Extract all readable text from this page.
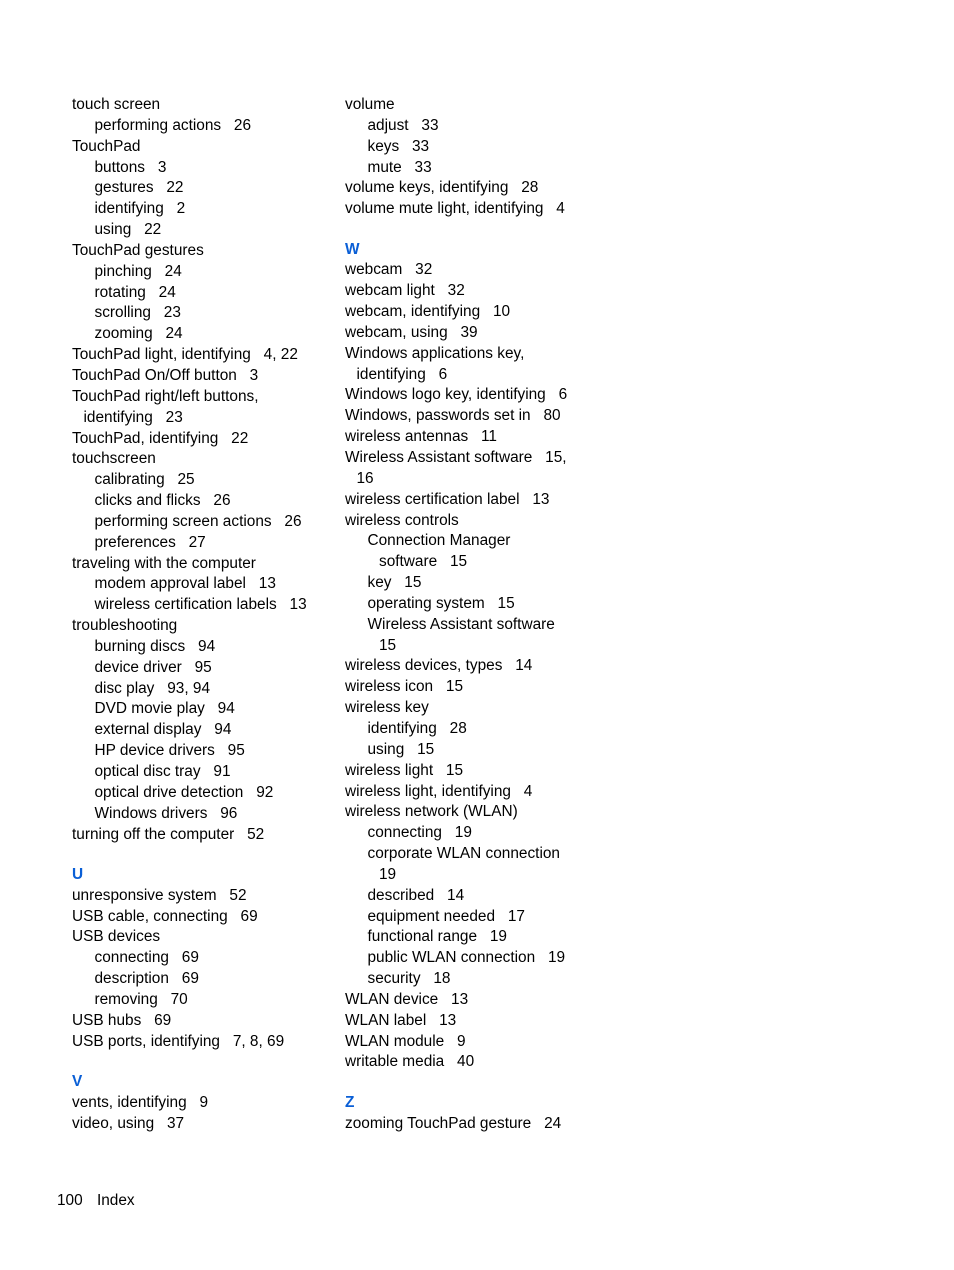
touch screen
performing actions   26
TouchPad
buttons   3
gestures   22
identifying   2
using   22
TouchPad gestures
pinching   24
rotating   24
scrolling   23
zooming   24
TouchPad light, identifying   4, 22
TouchPad On/Off button   3
TouchPad right/left buttons,
identifying   23
TouchPad, identifying   22
touchscreen
calibrating   25
clicks and flicks   26
performing screen actions   26
preferences   27
traveling with the computer
modem approval label   13
wireless certification labels   13
troubleshooting
burning discs   94
device driver   95
disc play   93, 94
DVD movie play   94
external display   94
HP device drivers   95
optical disc tray   91
optical drive detection   92
Windows drivers   96
turning off the computer   52
U
unresponsive system   52
USB cable, connecting   69
USB devices
connecting   69
description   69
removing   70
USB hubs   69
USB ports, identifying   7, 8, 69
V
vents, identifying   9
video, using   37
volume
adjust   33
keys   33
mute   33
volume keys, identifying   28
volume mute light, identifying   4
W
webcam   32
webcam light   32
webcam, identifying   10
webcam, using   39
Windows applications key,
identifying   6
Windows logo key, identifying   6
Windows, passwords set in   80
wireless antennas   11
Wireless Assistant software   15,
16
wireless certification label   13
wireless controls
Connection Manager
software   15
key   15
operating system   15
Wireless Assistant software
15
wireless devices, types   14
wireless icon   15
wireless key
identifying   28
using   15
wireless light   15
wireless light, identifying   4
wireless network (WLAN)
connecting   19
corporate WLAN connection
19
described   14
equipment needed   17
functional range   19
public WLAN connection   19
security   18
WLAN device   13
WLAN label   13
WLAN module   9
writable media   40
Z
zooming TouchPad gesture   24
100 Index
